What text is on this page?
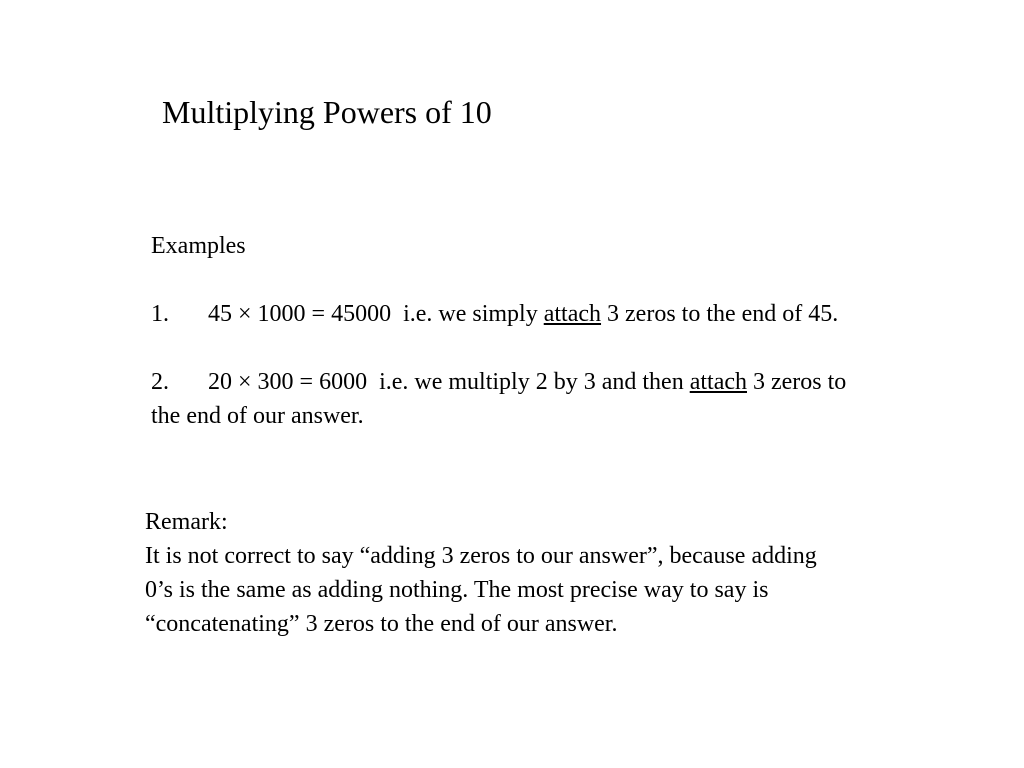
Multiplying Powers of 10
Examples
1. 45 × 1000 = 45000 i.e. we simply attach 3 zeros to the end of 45.
2. 20 × 300 = 6000 i.e. we multiply 2 by 3 and then attach 3 zeros to
the end of our answer.
Remark:
It is not correct to say “adding 3 zeros to our answer”, because adding
0’s is the same as adding nothing. The most precise way to say is
“concatenating” 3 zeros to the end of our answer.
